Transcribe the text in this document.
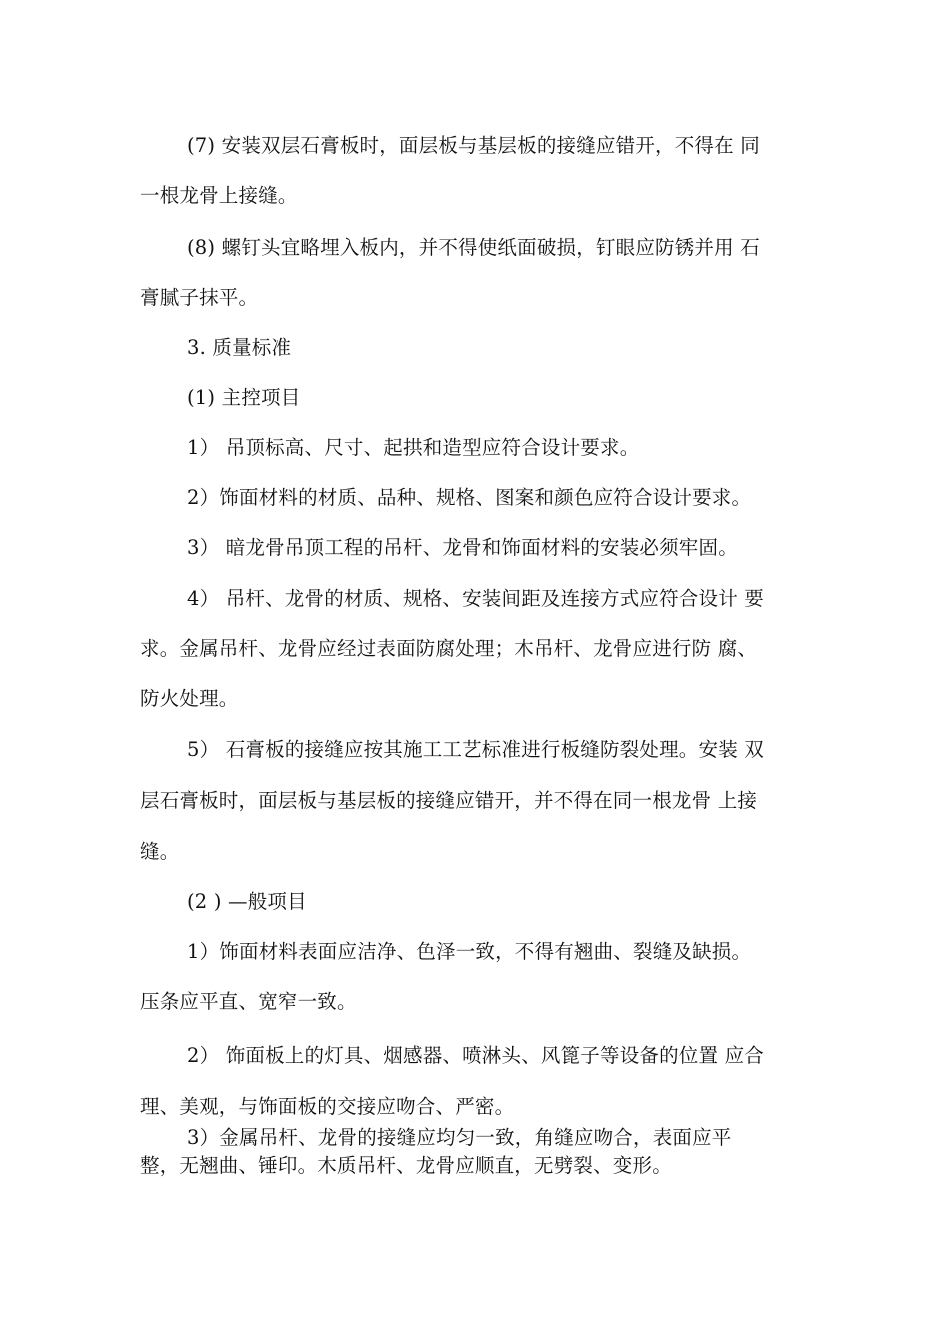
(7) 安装双层石膏板时，面层板与基层板的接缝应错开，不得在 同
一根龙骨上接缝。
(8) 螺钉头宜略埋入板内，并不得使纸面破损，钉眼应防锈并用 石
膏腻子抹平。
3. 质量标准
(1) 主控项目
1） 吊顶标高、尺寸、起拱和造型应符合设计要求。
2）饰面材料的材质、品种、规格、图案和颜色应符合设计要求。
3） 暗龙骨吊顶工程的吊杆、龙骨和饰面材料的安装必须牢固。
4） 吊杆、龙骨的材质、规格、安装间距及连接方式应符合设计 要
求。金属吊杆、龙骨应经过表面防腐处理；木吊杆、龙骨应进行防 腐、
防火处理。
5） 石膏板的接缝应按其施工工艺标准进行板缝防裂处理。安装 双
层石膏板时，面层板与基层板的接缝应错开，并不得在同一根龙骨 上接
缝。
(2 ) —般项目
1）饰面材料表面应洁净、色泽一致，不得有翘曲、裂缝及缺损。
压条应平直、宽窄一致。
2） 饰面板上的灯具、烟感器、喷淋头、风篦子等设备的位置 应合
理、美观，与饰面板的交接应吻合、严密。
3）金属吊杆、龙骨的接缝应均匀一致，角缝应吻合，表面应平
整，无翘曲、锤印。木质吊杆、龙骨应顺直，无劈裂、变形。
